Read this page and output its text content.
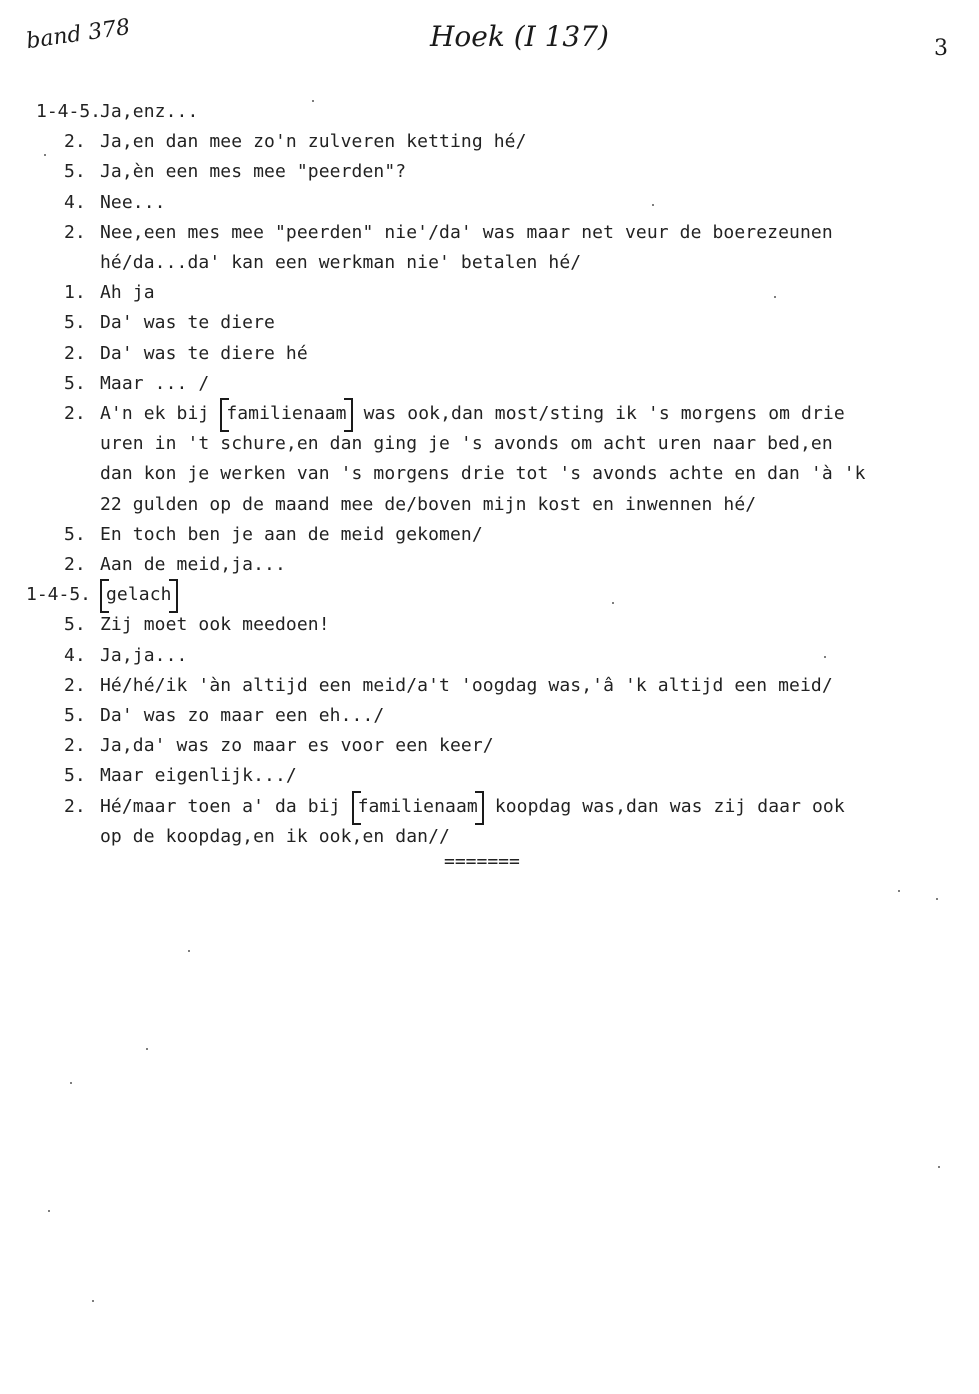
band 378	Hoek (I 137)	3
1-4-5.
Ja,enz...
2. Ja,en dan mee zo'n zulveren ketting hé/
5. Ja,èn een mes mee "peerden"?
4. Nee...
2. Nee,een mes mee "peerden" nie'/da' was maar net veur de boerezeunen
hé/da...da' kan een werkman nie' betalen hé/
1. Ah ja
5. Da' was te diere
2. Da' was te diere hé
5. Maar ... /
2. A'n ek bij familienaam was ook,dan most/sting ik 's morgens om drie
uren in 't schure,en dan ging je 's avonds om acht uren naar bed,en
dan kon je werken van 's morgens drie tot 's avonds achte en dan 'à 'k
22 gulden op de maand mee de/boven mijn kost en inwennen hé/
5. En toch ben je aan de meid gekomen/
2. Aan de meid,ja...
1-4-5. gelach
5. Zij moet ook meedoen!
4. Ja,ja...
2. Hé/hé/ik 'àn altijd een meid/a't 'oogdag was,'â 'k altijd een meid/
5. Da' was zo maar een eh.../
2. Ja,da' was zo maar es voor een keer/
5. Maar eigenlijk.../
2. Hé/maar toen a' da bij familienaam koopdag was,dan was zij daar ook
op de koopdag,en ik ook,en dan//
=======
